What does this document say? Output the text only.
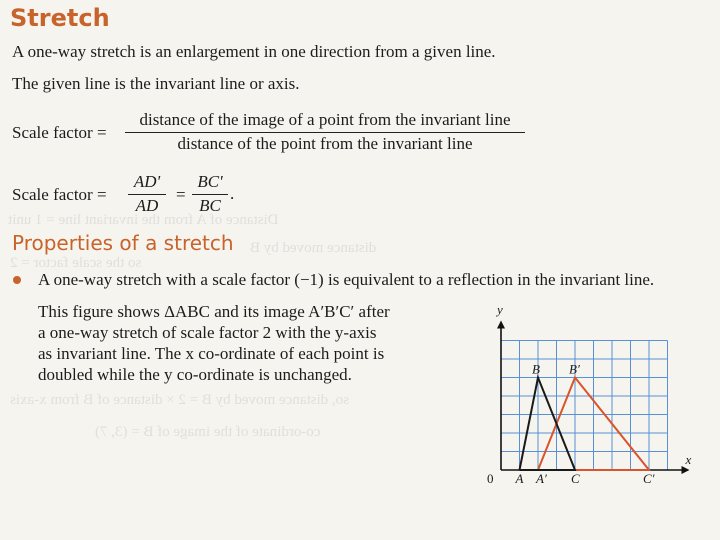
Stretch
A one-way stretch is an enlargement in one direction from a given line.
The given line is the invariant line or axis.
Scale factor =
distance of the image of a point from the invariant line
distance of the point from the invariant line
Scale factor =
AD'
AD
=
BC'
BC
.
Distance of A from the invariant line = 1 unit
distance moved by B
so the scale factor = 2
so, distance moved by B = 2 × distance of B from x-axis
co-ordinate of the image of B = (3, 7)
Properties of a stretch
A one-way stretch with a scale factor (−1) is equivalent to a reflection in the invariant line.
This figure shows ΔABC and its image A′B′C′ after
a one-way stretch of scale factor 2 with the y-axis
as invariant line. The x co-ordinate of each point is
doubled while the y co-ordinate is unchanged.
y
x
0 A A′ C	C′
B B′
